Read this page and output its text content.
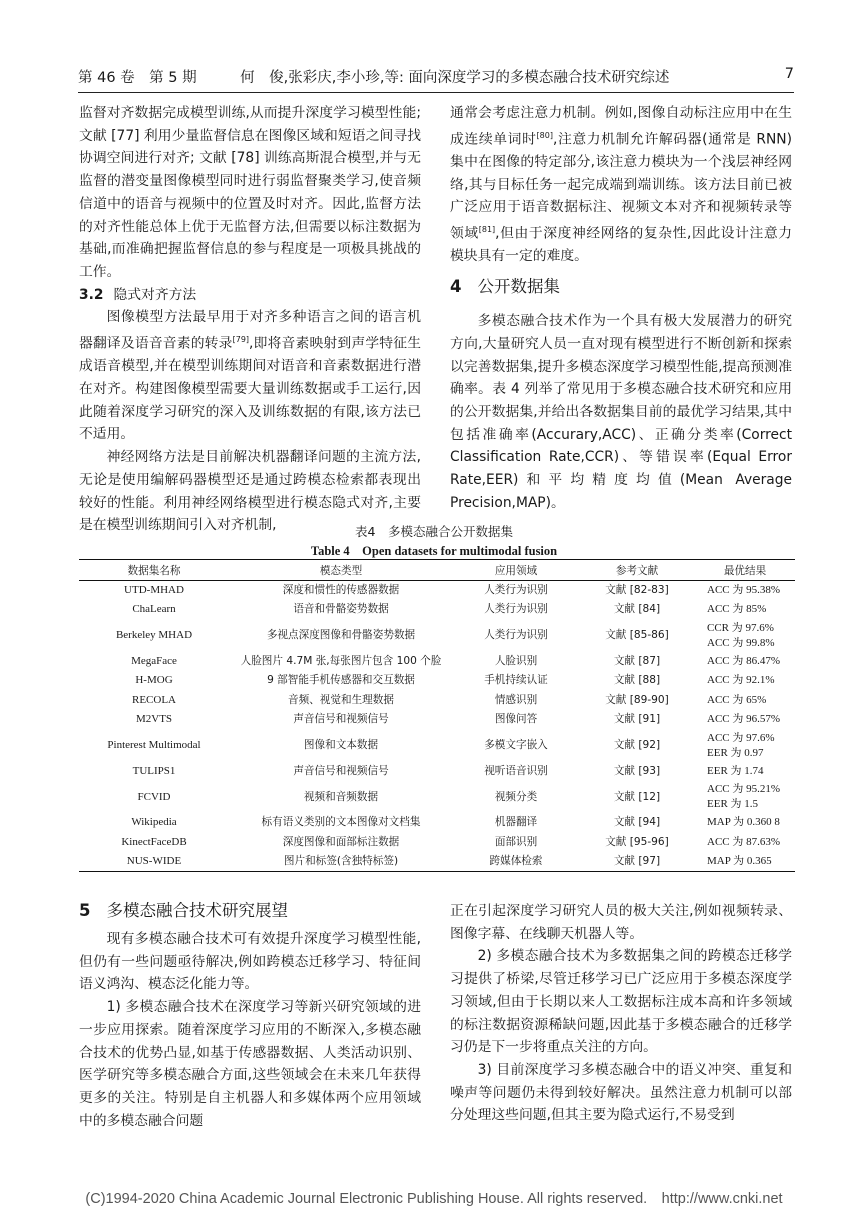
第 46 卷　第 5 期　　　何　俊,张彩庆,李小珍,等: 面向深度学习的多模态融合技术研究综述	7

监督对齐数据完成模型训练,从而提升深度学习模型性能; 文献 [77] 利用少量监督信息在图像区域和短语之间寻找协调空间进行对齐; 文献 [78] 训练高斯混合模型,并与无监督的潜变量图像模型同时进行弱监督聚类学习,使音频信道中的语音与视频中的位置及时对齐。因此,监督方法的对齐性能总体上优于无监督方法,但需要以标注数据为基础,而准确把握监督信息的参与程度是一项极具挑战的工作。

3.2 隐式对齐方法

图像模型方法最早用于对齐多种语言之间的语言机器翻译及语音音素的转录[79],即将音素映射到声学特征生成语音模型,并在模型训练期间对语音和音素数据进行潜在对齐。构建图像模型需要大量训练数据或手工运行,因此随着深度学习研究的深入及训练数据的有限,该方法已不适用。

神经网络方法是目前解决机器翻译问题的主流方法,无论是使用编解码器模型还是通过跨模态检索都表现出较好的性能。利用神经网络模型进行模态隐式对齐,主要是在模型训练期间引入对齐机制,

通常会考虑注意力机制。例如,图像自动标注应用中在生成连续单词时[80],注意力机制允许解码器(通常是 RNN)集中在图像的特定部分,该注意力模块为一个浅层神经网络,其与目标任务一起完成端到端训练。该方法目前已被广泛应用于语音数据标注、视频文本对齐和视频转录等领域[81],但由于深度神经网络的复杂性,因此设计注意力模块具有一定的难度。

4 公开数据集

多模态融合技术作为一个具有极大发展潜力的研究方向,大量研究人员一直对现有模型进行不断创新和探索以完善数据集,提升多模态深度学习模型性能,提高预测准确率。表 4 列举了常见用于多模态融合技术研究和应用的公开数据集,并给出各数据集目前的最优学习结果,其中包括准确率(Accurary,ACC)、正确分类率(Correct Classification Rate,CCR)、等错误率(Equal Error Rate,EER)和平均精度均值(Mean Average Precision,MAP)。

表4　多模态融合公开数据集
Table 4　Open datasets for multimodal fusion
数据集名称	模态类型	应用领域	参考文献	最优结果
UTD-MHAD	深度和惯性的传感器数据	人类行为识别	文献 [82-83]	ACC 为 95.38%

ChaLearn	语音和骨骼姿势数据	人类行为识别	文献 [84]	ACC 为 85%

Berkeley MHAD	多视点深度图像和骨骼姿势数据	人类行为识别	文献 [85-86]	CCR 为 97.6%
ACC 为 99.8%

MegaFace	人脸图片 4.7M 张,每张图片包含 100 个脸	人脸识别	文献 [87]	ACC 为 86.47%

H-MOG	9 部智能手机传感器和交互数据	手机持续认证	文献 [88]	ACC 为 92.1%

RECOLA	音频、视觉和生理数据	情感识别	文献 [89-90]	ACC 为 65%

M2VTS	声音信号和视频信号	图像问答	文献 [91]	ACC 为 96.57%

Pinterest Multimodal	图像和文本数据	多模文字嵌入	文献 [92]	ACC 为 97.6%
EER 为 0.97

TULIPS1	声音信号和视频信号	视听语音识别	文献 [93]	EER 为 1.74

FCVID	视频和音频数据	视频分类	文献 [12]	ACC 为 95.21%
EER 为 1.5

Wikipedia	标有语义类别的文本图像对文档集	机器翻译	文献 [94]	MAP 为 0.360 8

KinectFaceDB	深度图像和面部标注数据	面部识别	文献 [95-96]	ACC 为 87.63%

NUS-WIDE	图片和标签(含独特标签)	跨媒体检索	文献 [97]	MAP 为 0.365
5 多模态融合技术研究展望

现有多模态融合技术可有效提升深度学习模型性能,但仍有一些问题亟待解决,例如跨模态迁移学习、特征间语义鸿沟、模态泛化能力等。

1) 多模态融合技术在深度学习等新兴研究领域的进一步应用探索。随着深度学习应用的不断深入,多模态融合技术的优势凸显,如基于传感器数据、人类活动识别、医学研究等多模态融合方面,这些领域会在未来几年获得更多的关注。特别是自主机器人和多媒体两个应用领域中的多模态融合问题

正在引起深度学习研究人员的极大关注,例如视频转录、图像字幕、在线聊天机器人等。

2) 多模态融合技术为多数据集之间的跨模态迁移学习提供了桥梁,尽管迁移学习已广泛应用于多模态深度学习领域,但由于长期以来人工数据标注成本高和许多领域的标注数据资源稀缺问题,因此基于多模态融合的迁移学习仍是下一步将重点关注的方向。

3) 目前深度学习多模态融合中的语义冲突、重复和噪声等问题仍未得到较好解决。虽然注意力机制可以部分处理这些问题,但其主要为隐式运行,不易受到

(C)1994-2020 China Academic Journal Electronic Publishing House. All rights reserved.　http://www.cnki.net
